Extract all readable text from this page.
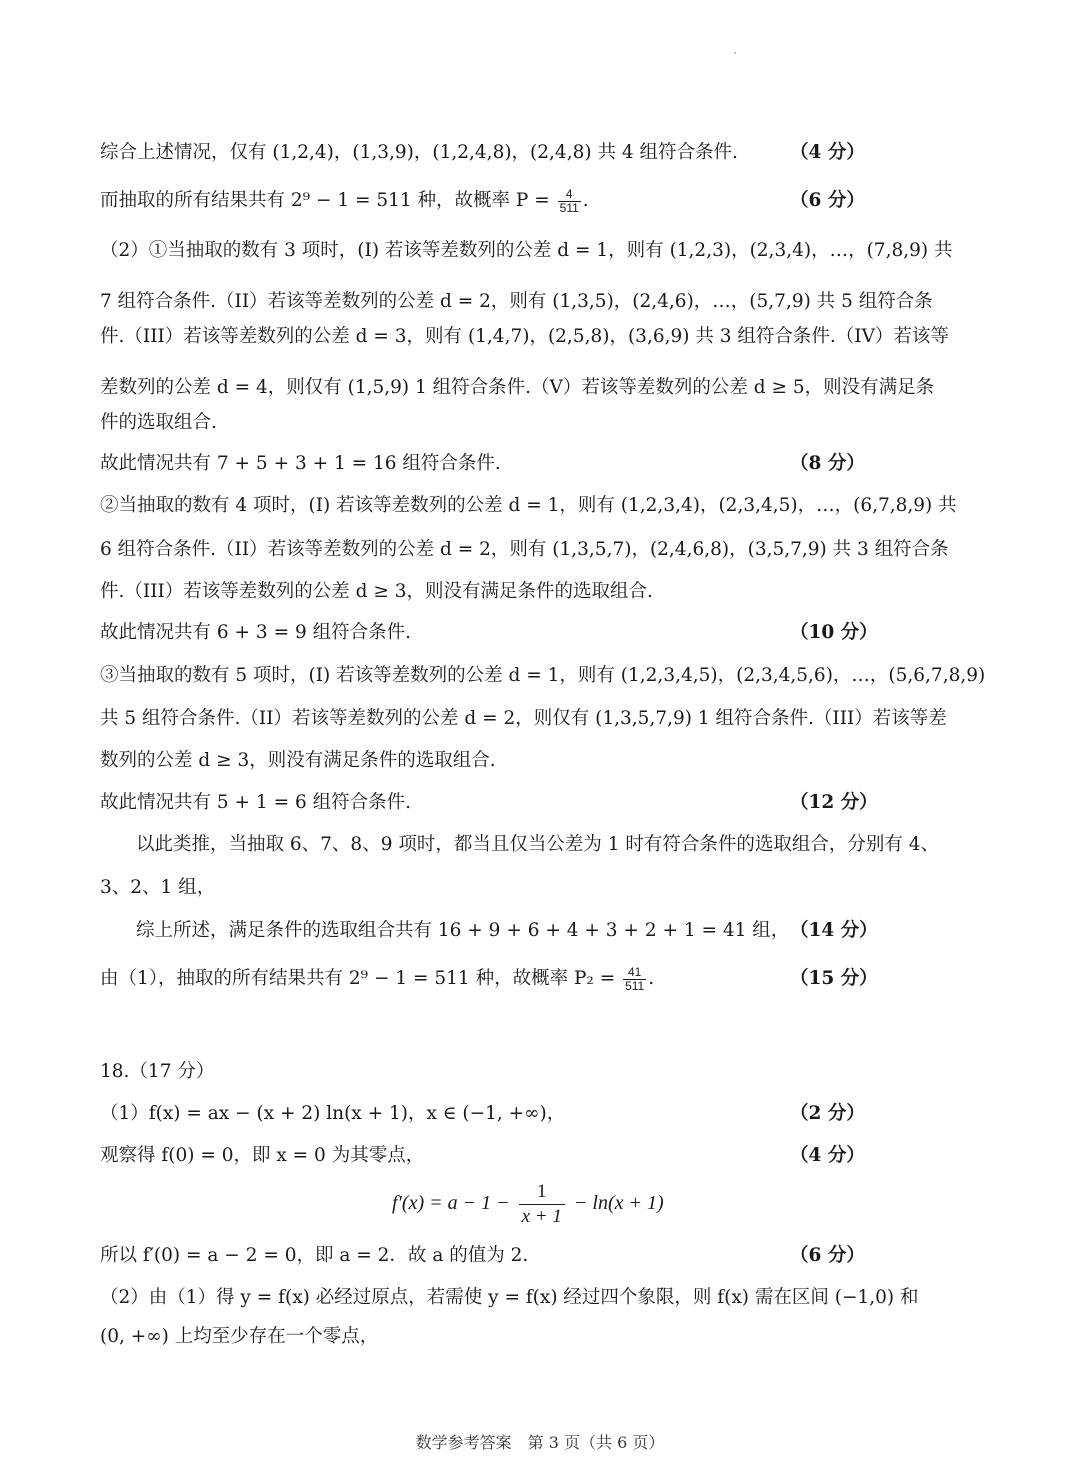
综合上述情况，仅有 (1,2,4)，(1,3,9)，(1,2,4,8)，(2,4,8) 共 4 组符合条件.	（4 分）
而抽取的所有结果共有 2⁹ − 1 = 511 种，故概率 $P = \frac{4}{511}$ .	（6 分）
（2）①当抽取的数有 3 项时，(I) 若该等差数列的公差 d = 1，则有 (1,2,3)，(2,3,4)，…，(7,8,9) 共
7 组符合条件.（II）若该等差数列的公差 d = 2，则有 (1,3,5)，(2,4,6)，…，(5,7,9) 共 5 组符合条
件.（III）若该等差数列的公差 d = 3，则有 (1,4,7)，(2,5,8)，(3,6,9) 共 3 组符合条件.（IV）若该等
差数列的公差 d = 4，则仅有 (1,5,9) 1 组符合条件.（V）若该等差数列的公差 d ≥ 5，则没有满足条
件的选取组合.
故此情况共有 7 + 5 + 3 + 1 = 16 组符合条件.	（8 分）
②当抽取的数有 4 项时，(I) 若该等差数列的公差 d = 1，则有 (1,2,3,4)，(2,3,4,5)，…，(6,7,8,9) 共
6 组符合条件.（II）若该等差数列的公差 d = 2，则有 (1,3,5,7)，(2,4,6,8)，(3,5,7,9) 共 3 组符合条
件.（III）若该等差数列的公差 d ≥ 3，则没有满足条件的选取组合.
故此情况共有 6 + 3 = 9 组符合条件.	（10 分）
③当抽取的数有 5 项时，(I) 若该等差数列的公差 d = 1，则有 (1,2,3,4,5)，(2,3,4,5,6)，…，(5,6,7,8,9)
共 5 组符合条件.（II）若该等差数列的公差 d = 2，则仅有 (1,3,5,7,9) 1 组符合条件.（III）若该等差
数列的公差 d ≥ 3，则没有满足条件的选取组合.
故此情况共有 5 + 1 = 6 组符合条件.	（12 分）
以此类推，当抽取 6、7、8、9 项时，都当且仅当公差为 1 时有符合条件的选取组合，分别有 4、
3、2、1 组，
综上所述，满足条件的选取组合共有 16 + 9 + 6 + 4 + 3 + 2 + 1 = 41 组， （14 分）
由（1），抽取的所有结果共有 2⁹ − 1 = 511 种，故概率 $P_2 = \frac{41}{511}$ .	（15 分）
18.（17 分）
（1）f(x) = ax − (x + 2) ln(x + 1)，x ∈ (−1, +∞)，	（2 分）
观察得 f(0) = 0，即 x = 0 为其零点，	（4 分）
$f'(x) = a - 1 - \frac{1}{x + 1} - \ln(x + 1)$
所以 f′(0) = a − 2 = 0，即 a = 2．故 a 的值为 2.	（6 分）
（2）由（1）得 y = f(x) 必经过原点，若需使 y = f(x) 经过四个象限，则 f(x) 需在区间 (−1,0) 和
(0, +∞) 上均至少存在一个零点，
数学参考答案　第 3 页（共 6 页）
